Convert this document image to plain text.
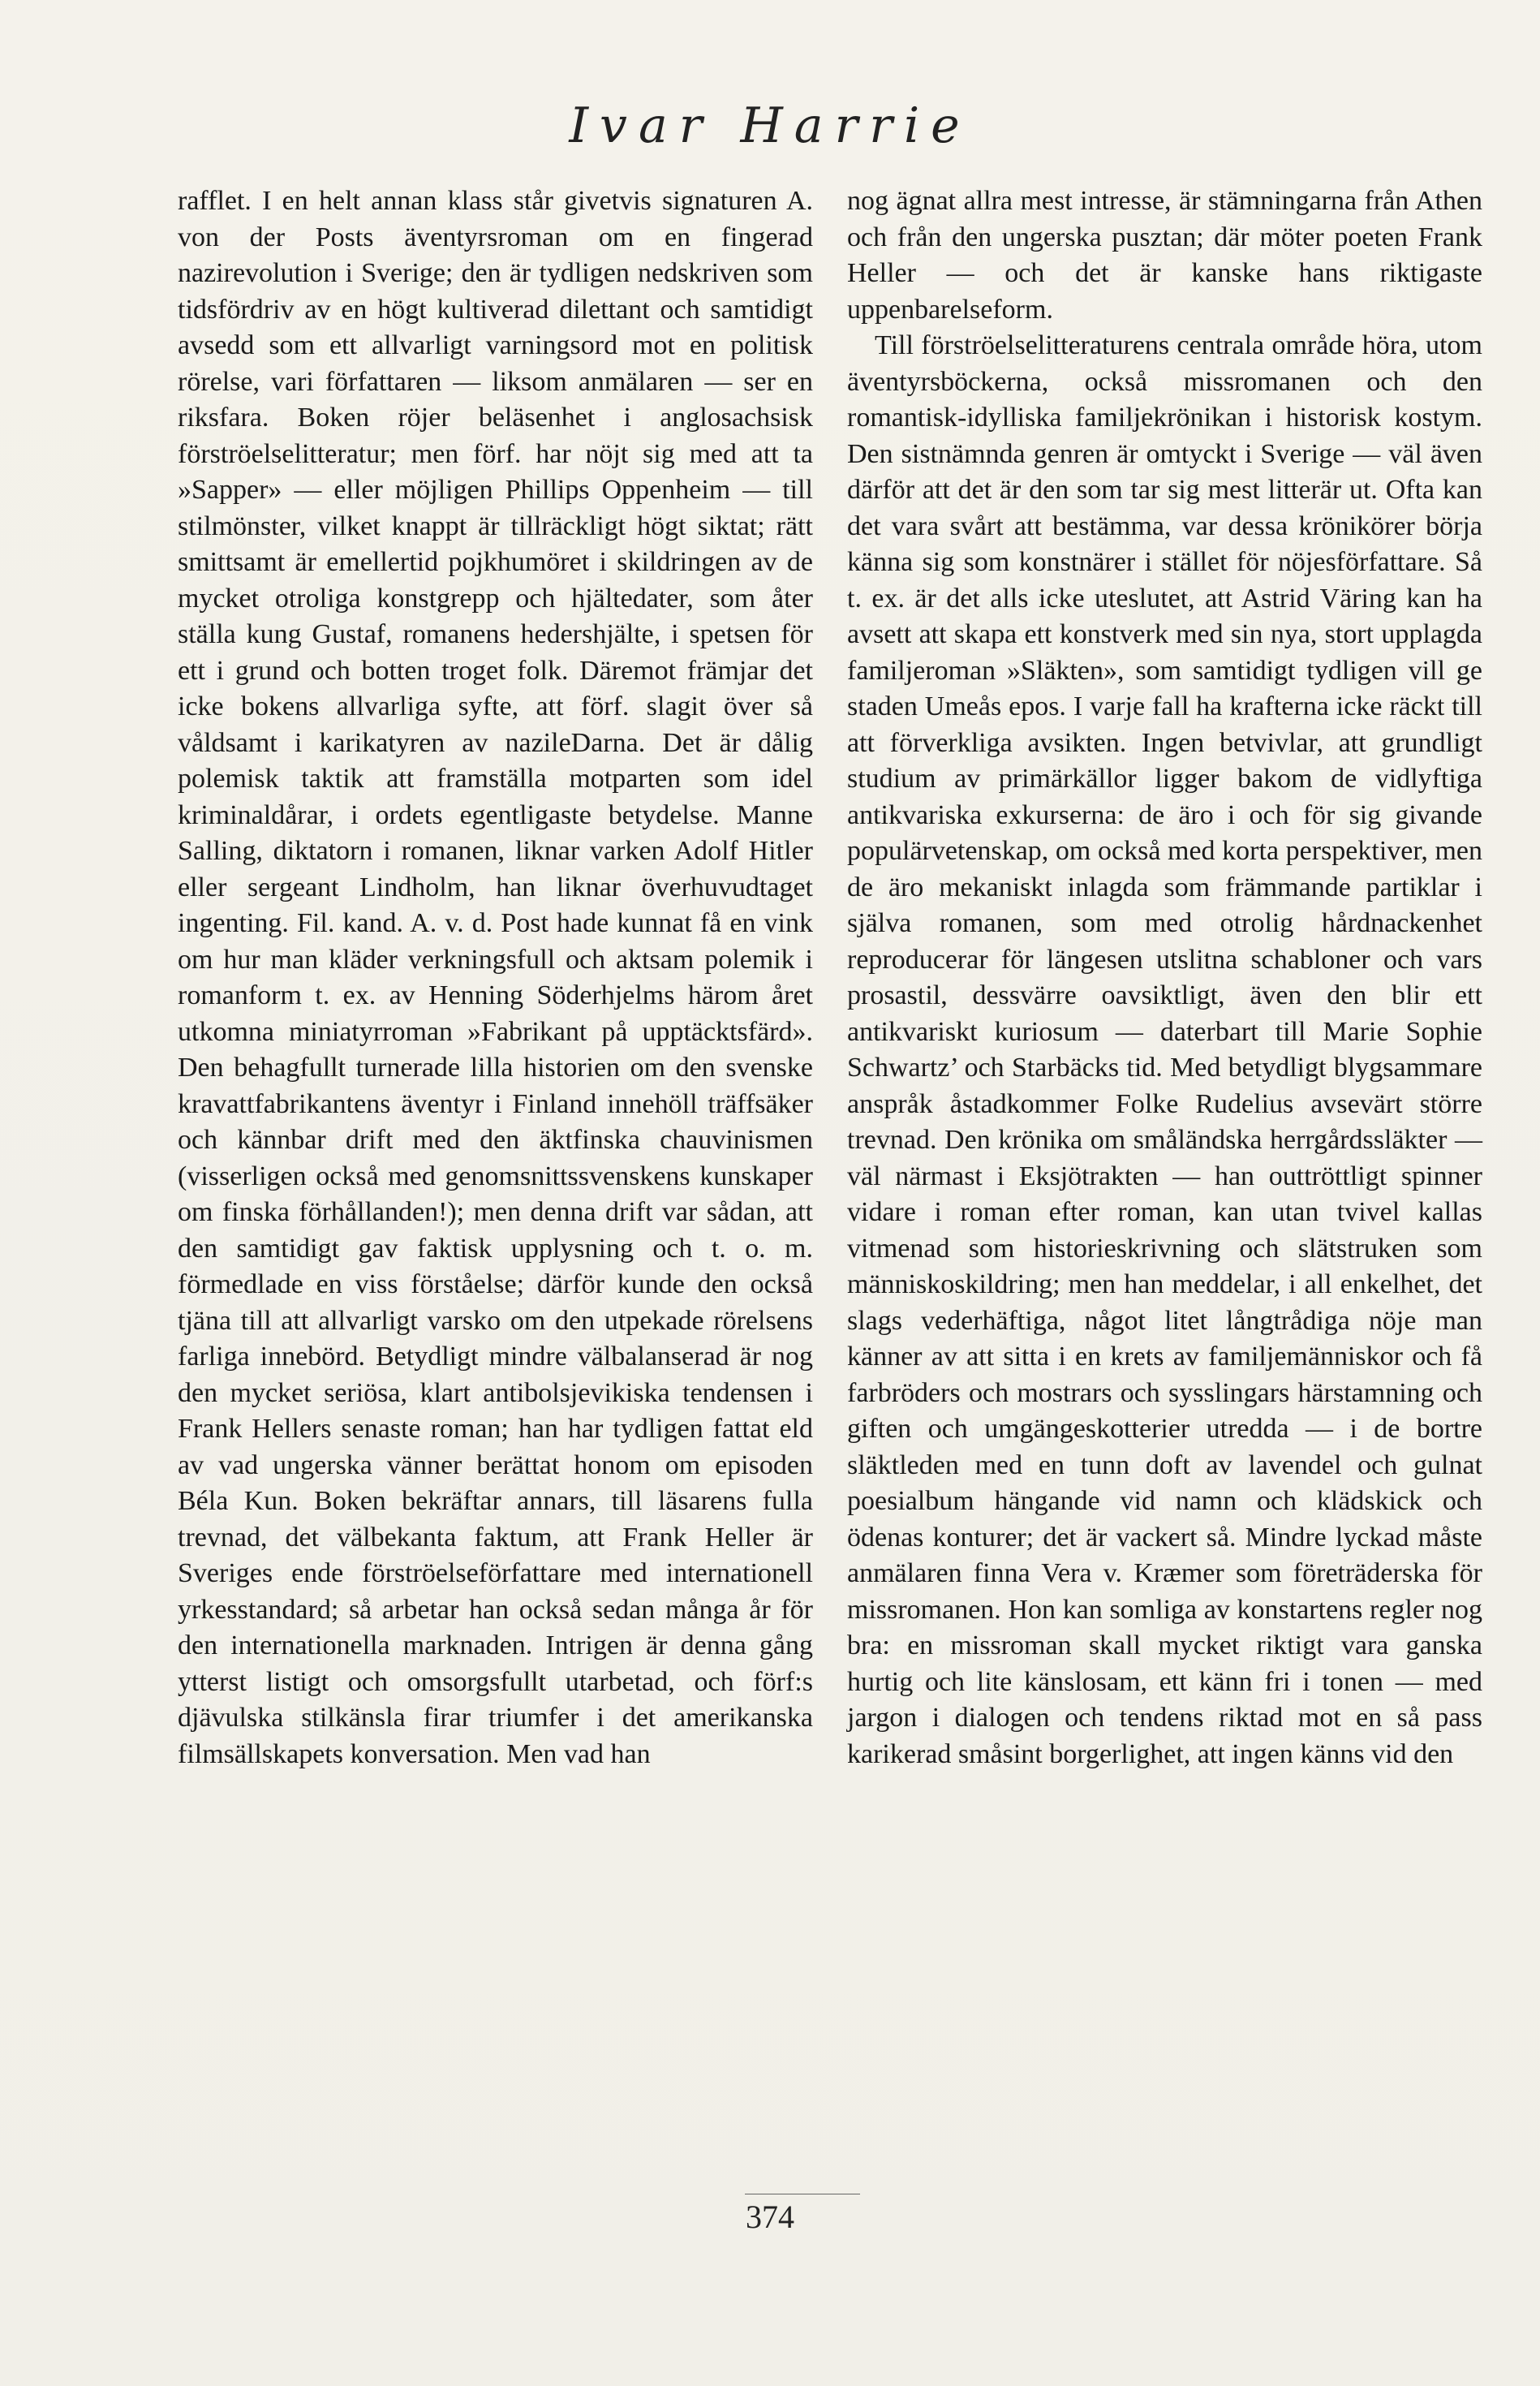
Ivar Harrie

rafflet. I en helt annan klass står givetvis signaturen A. von der Posts äventyrsroman om en fingerad nazirevolution i Sverige; den är tydligen nedskriven som tidsfördriv av en högt kultiverad dilettant och samtidigt avsedd som ett allvarligt varningsord mot en politisk rörelse, vari författaren — liksom anmälaren — ser en riksfara. Boken röjer beläsenhet i anglosachsisk förströelselitteratur; men förf. har nöjt sig med att ta »Sapper» — eller möjligen Phillips Oppenheim — till stilmönster, vilket knappt är tillräckligt högt siktat; rätt smittsamt är emellertid pojkhumöret i skildringen av de mycket otroliga konstgrepp och hjältedater, som åter ställa kung Gustaf, romanens hedershjälte, i spetsen för ett i grund och botten troget folk. Däremot främjar det icke bokens allvarliga syfte, att förf. slagit över så våldsamt i karikatyren av nazileDarna. Det är dålig polemisk taktik att framställa motparten som idel kriminaldårar, i ordets egentligaste betydelse. Manne Salling, diktatorn i romanen, liknar varken Adolf Hitler eller sergeant Lindholm, han liknar överhuvudtaget ingenting. Fil. kand. A. v. d. Post hade kunnat få en vink om hur man kläder verkningsfull och aktsam polemik i romanform t. ex. av Henning Söderhjelms härom året utkomna miniatyrroman »Fabrikant på upptäcktsfärd». Den behagfullt turnerade lilla historien om den svenske kravattfabrikantens äventyr i Finland innehöll träffsäker och kännbar drift med den äktfinska chauvinismen (visserligen också med genomsnittssvenskens kunskaper om finska förhållanden!); men denna drift var sådan, att den samtidigt gav faktisk upplysning och t. o. m. förmedlade en viss förståelse; därför kunde den också tjäna till att allvarligt varsko om den utpekade rörelsens farliga innebörd. Betydligt mindre välbalanserad är nog den mycket seriösa, klart antibolsjevikiska tendensen i Frank Hellers senaste roman; han har tydligen fattat eld av vad ungerska vänner berättat honom om episoden Béla Kun. Boken bekräftar annars, till läsarens fulla trevnad, det välbekanta faktum, att Frank Heller är Sveriges ende förströelseförfattare med internationell yrkesstandard; så arbetar han också sedan många år för den internationella marknaden. Intrigen är denna gång ytterst listigt och omsorgsfullt utarbetad, och förf:s djävulska stilkänsla firar triumfer i det amerikanska filmsällskapets konversation. Men vad han

nog ägnat allra mest intresse, är stämningarna från Athen och från den ungerska pusztan; där möter poeten Frank Heller — och det är kanske hans riktigaste uppenbarelseform.

Till förströelselitteraturens centrala område höra, utom äventyrsböckerna, också missromanen och den romantisk-idylliska familjekrönikan i historisk kostym. Den sistnämnda genren är omtyckt i Sverige — väl även därför att det är den som tar sig mest litterär ut. Ofta kan det vara svårt att bestämma, var dessa krönikörer börja känna sig som konstnärer i stället för nöjesförfattare. Så t. ex. är det alls icke uteslutet, att Astrid Väring kan ha avsett att skapa ett konstverk med sin nya, stort upplagda familjeroman »Släkten», som samtidigt tydligen vill ge staden Umeås epos. I varje fall ha krafterna icke räckt till att förverkliga avsikten. Ingen betvivlar, att grundligt studium av primärkällor ligger bakom de vidlyftiga antikvariska exkurserna: de äro i och för sig givande populärvetenskap, om också med korta perspektiver, men de äro mekaniskt inlagda som främmande partiklar i själva romanen, som med otrolig hårdnackenhet reproducerar för längesen utslitna schabloner och vars prosastil, dessvärre oavsiktligt, även den blir ett antikvariskt kuriosum — daterbart till Marie Sophie Schwartz’ och Starbäcks tid. Med betydligt blygsammare anspråk åstadkommer Folke Rudelius avsevärt större trevnad. Den krönika om småländska herrgårdssläkter — väl närmast i Eksjötrakten — han outtröttligt spinner vidare i roman efter roman, kan utan tvivel kallas vitmenad som historieskrivning och slätstruken som människoskildring; men han meddelar, i all enkelhet, det slags vederhäftiga, något litet långtrådiga nöje man känner av att sitta i en krets av familjemänniskor och få farbröders och mostrars och sysslingars härstamning och giften och umgängeskotterier utredda — i de bortre släktleden med en tunn doft av lavendel och gulnat poesialbum hängande vid namn och klädskick och ödenas konturer; det är vackert så. Mindre lyckad måste anmälaren finna Vera v. Kræmer som företräderska för missromanen. Hon kan somliga av konstartens regler nog bra: en missroman skall mycket riktigt vara ganska hurtig och lite känslosam, ett känn fri i tonen — med jargon i dialogen och tendens riktad mot en så pass karikerad småsint borgerlighet, att ingen känns vid den

374
